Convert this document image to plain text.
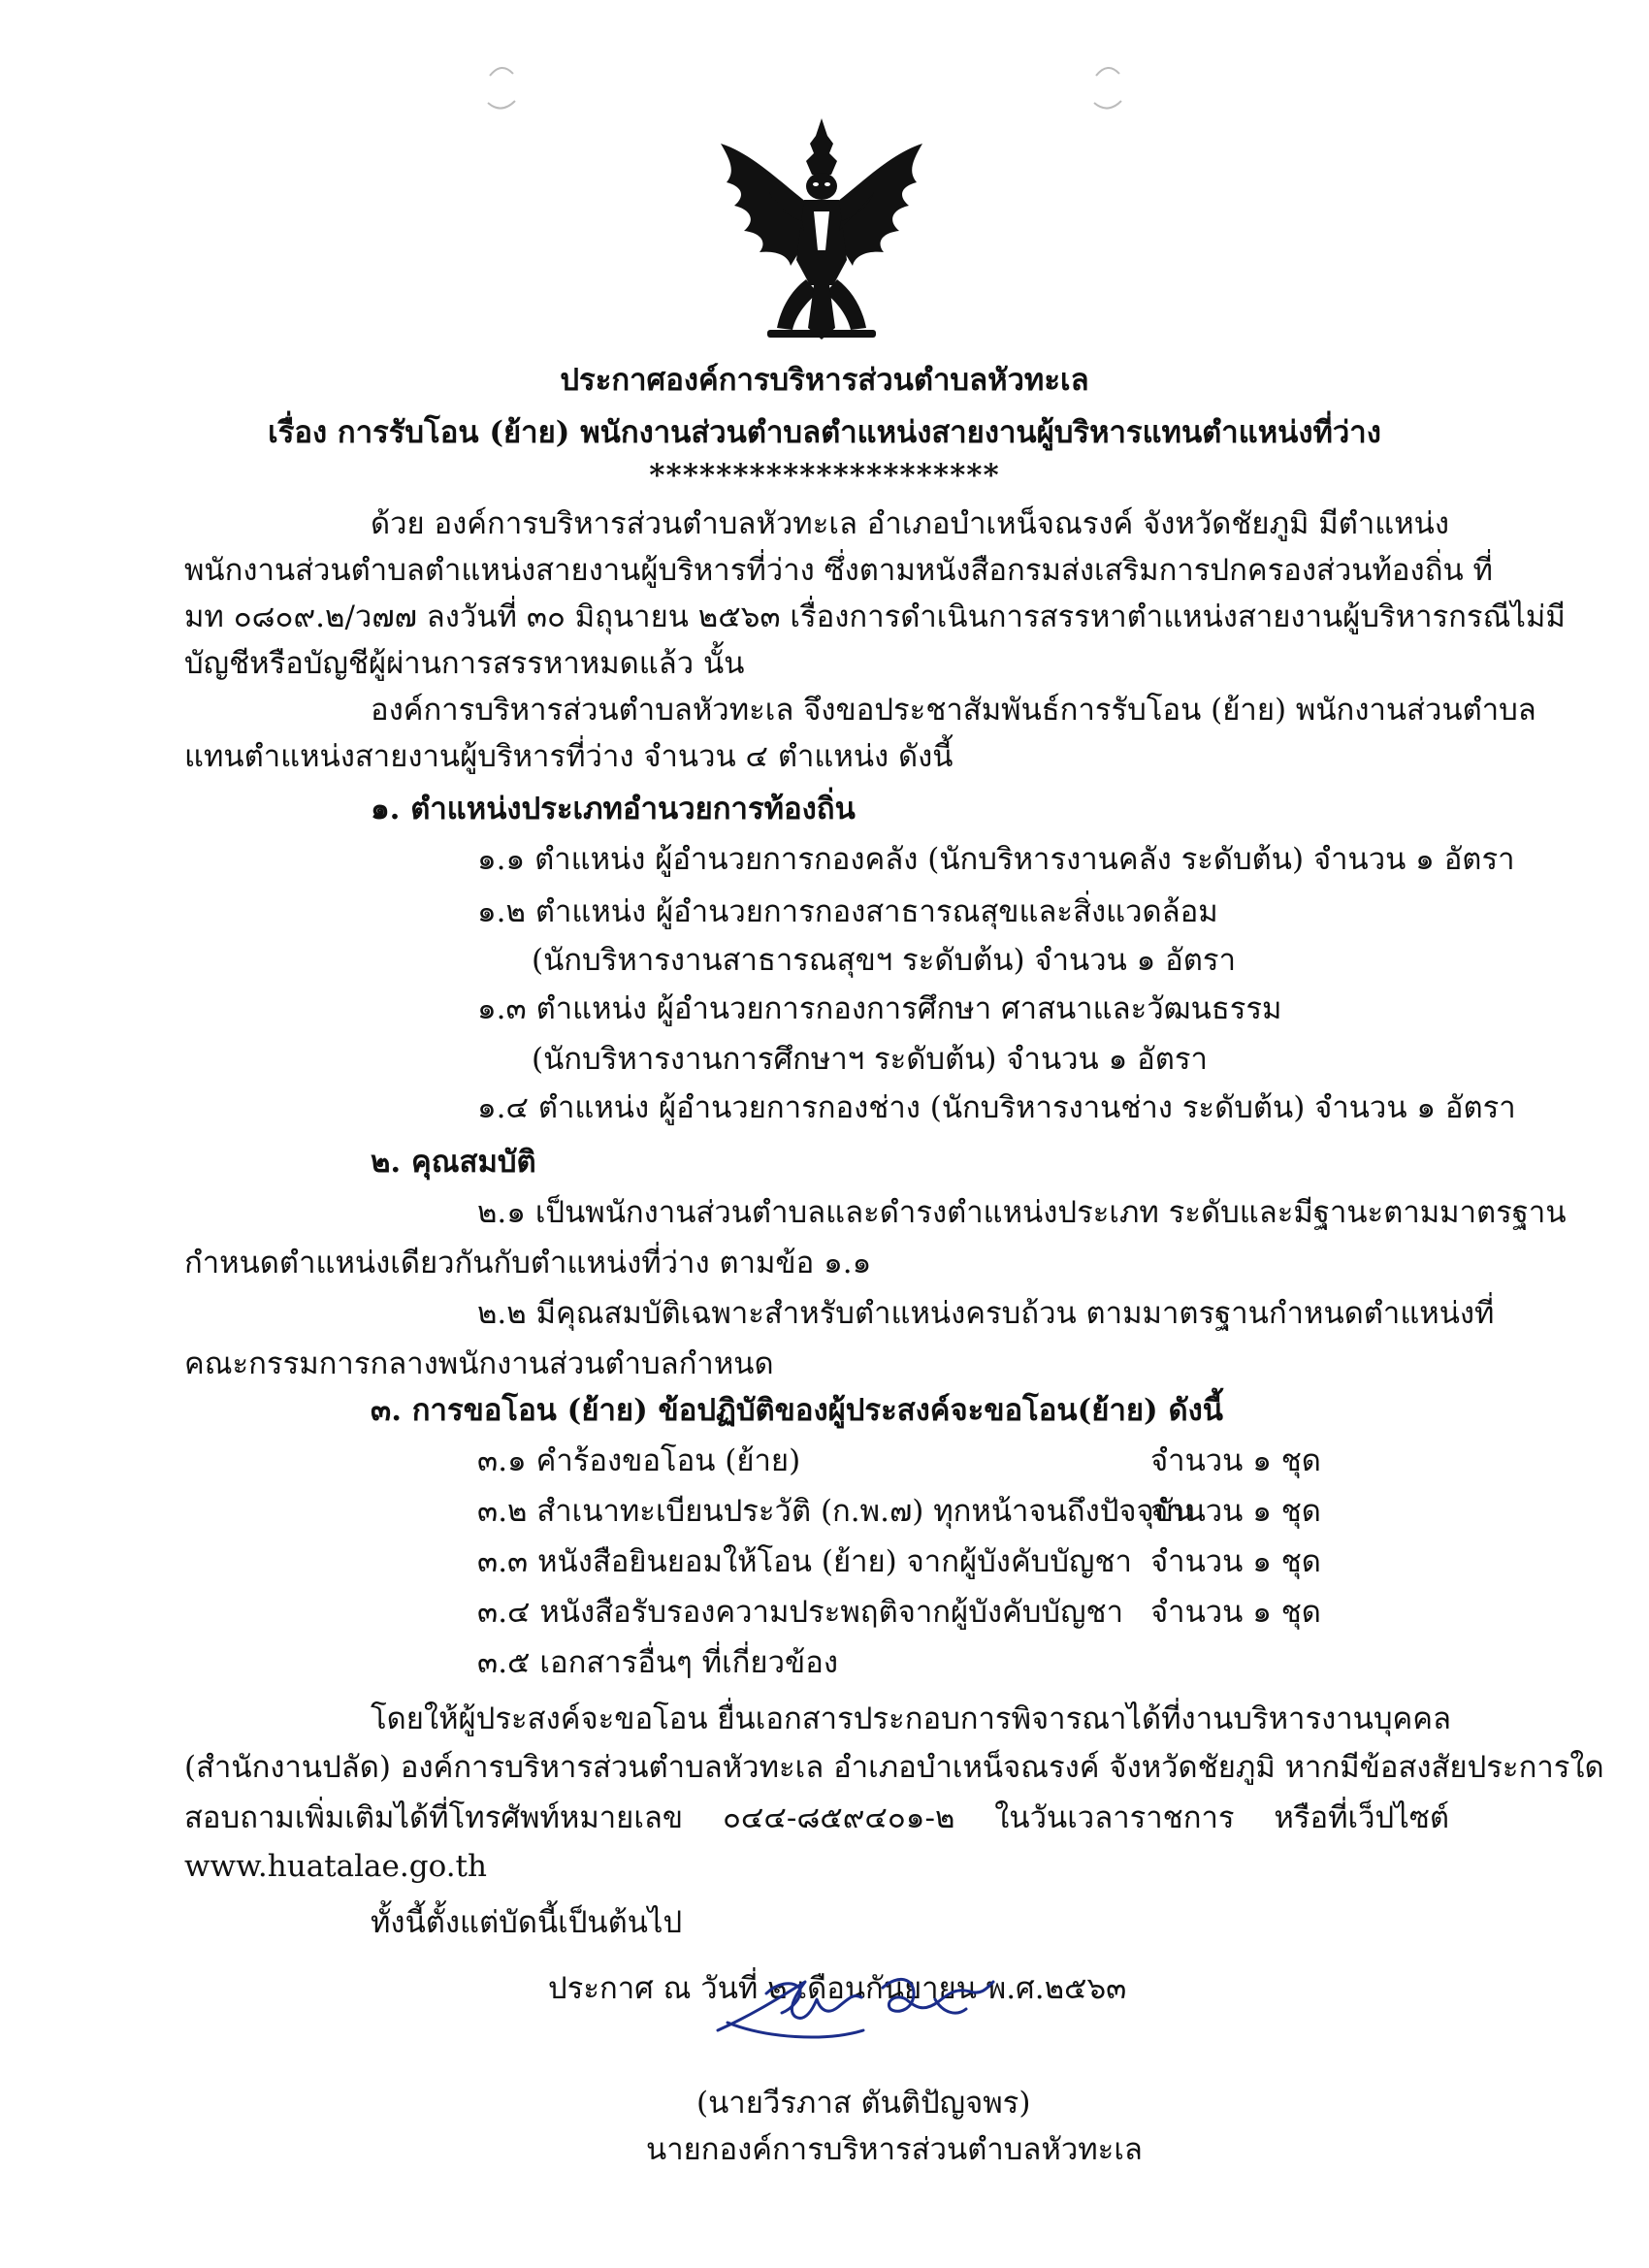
ประกาศองค์การบริหารส่วนตำบลหัวทะเล
เรื่อง การรับโอน (ย้าย) พนักงานส่วนตำบลตำแหน่งสายงานผู้บริหารแทนตำแหน่งที่ว่าง
*********************
ด้วย องค์การบริหารส่วนตำบลหัวทะเล อำเภอบำเหน็จณรงค์ จังหวัดชัยภูมิ มีตำแหน่ง
พนักงานส่วนตำบลตำแหน่งสายงานผู้บริหารที่ว่าง ซึ่งตามหนังสือกรมส่งเสริมการปกครองส่วนท้องถิ่น ที่
มท ๐๘๐๙.๒/ว๗๗ ลงวันที่ ๓๐ มิถุนายน ๒๕๖๓ เรื่องการดำเนินการสรรหาตำแหน่งสายงานผู้บริหารกรณีไม่มี
บัญชีหรือบัญชีผู้ผ่านการสรรหาหมดแล้ว นั้น
องค์การบริหารส่วนตำบลหัวทะเล จึงขอประชาสัมพันธ์การรับโอน (ย้าย) พนักงานส่วนตำบล
แทนตำแหน่งสายงานผู้บริหารที่ว่าง จำนวน ๔ ตำแหน่ง ดังนี้
๑. ตำแหน่งประเภทอำนวยการท้องถิ่น
๑.๑ ตำแหน่ง ผู้อำนวยการกองคลัง (นักบริหารงานคลัง ระดับต้น) จำนวน ๑ อัตรา
๑.๒ ตำแหน่ง ผู้อำนวยการกองสาธารณสุขและสิ่งแวดล้อม
(นักบริหารงานสาธารณสุขฯ ระดับต้น) จำนวน ๑ อัตรา
๑.๓ ตำแหน่ง ผู้อำนวยการกองการศึกษา ศาสนาและวัฒนธรรม
(นักบริหารงานการศึกษาฯ ระดับต้น) จำนวน ๑ อัตรา
๑.๔ ตำแหน่ง ผู้อำนวยการกองช่าง (นักบริหารงานช่าง ระดับต้น) จำนวน ๑ อัตรา
๒. คุณสมบัติ
๒.๑ เป็นพนักงานส่วนตำบลและดำรงตำแหน่งประเภท ระดับและมีฐานะตามมาตรฐาน
กำหนดตำแหน่งเดียวกันกับตำแหน่งที่ว่าง ตามข้อ ๑.๑
๒.๒ มีคุณสมบัติเฉพาะสำหรับตำแหน่งครบถ้วน ตามมาตรฐานกำหนดตำแหน่งที่
คณะกรรมการกลางพนักงานส่วนตำบลกำหนด
๓. การขอโอน (ย้าย) ข้อปฏิบัติของผู้ประสงค์จะขอโอน(ย้าย) ดังนี้
๓.๑ คำร้องขอโอน (ย้าย)	จำนวน ๑ ชุด
๓.๒ สำเนาทะเบียนประวัติ (ก.พ.๗) ทุกหน้าจนถึงปัจจุบัน
จำนวน ๑ ชุด
๓.๓ หนังสือยินยอมให้โอน (ย้าย) จากผู้บังคับบัญชา จำนวน ๑ ชุด
๓.๔ หนังสือรับรองความประพฤติจากผู้บังคับบัญชา จำนวน ๑ ชุด
๓.๕ เอกสารอื่นๆ ที่เกี่ยวข้อง
โดยให้ผู้ประสงค์จะขอโอน ยื่นเอกสารประกอบการพิจารณาได้ที่งานบริหารงานบุคคล
(สำนักงานปลัด) องค์การบริหารส่วนตำบลหัวทะเล อำเภอบำเหน็จณรงค์ จังหวัดชัยภูมิ หากมีข้อสงสัยประการใด
สอบถามเพิ่มเติมได้ที่โทรศัพท์หมายเลข ๐๔๔-๘๕๙๔๐๑-๒ ในวันเวลาราชการ หรือที่เว็ปไซต์
www.huatalae.go.th
ทั้งนี้ตั้งแต่บัดนี้เป็นต้นไป
ประกาศ ณ วันที่ ๒ เดือนกันยายน พ.ศ.๒๕๖๓
(นายวีรภาส ตันติปัญจพร)
นายกองค์การบริหารส่วนตำบลหัวทะเล
